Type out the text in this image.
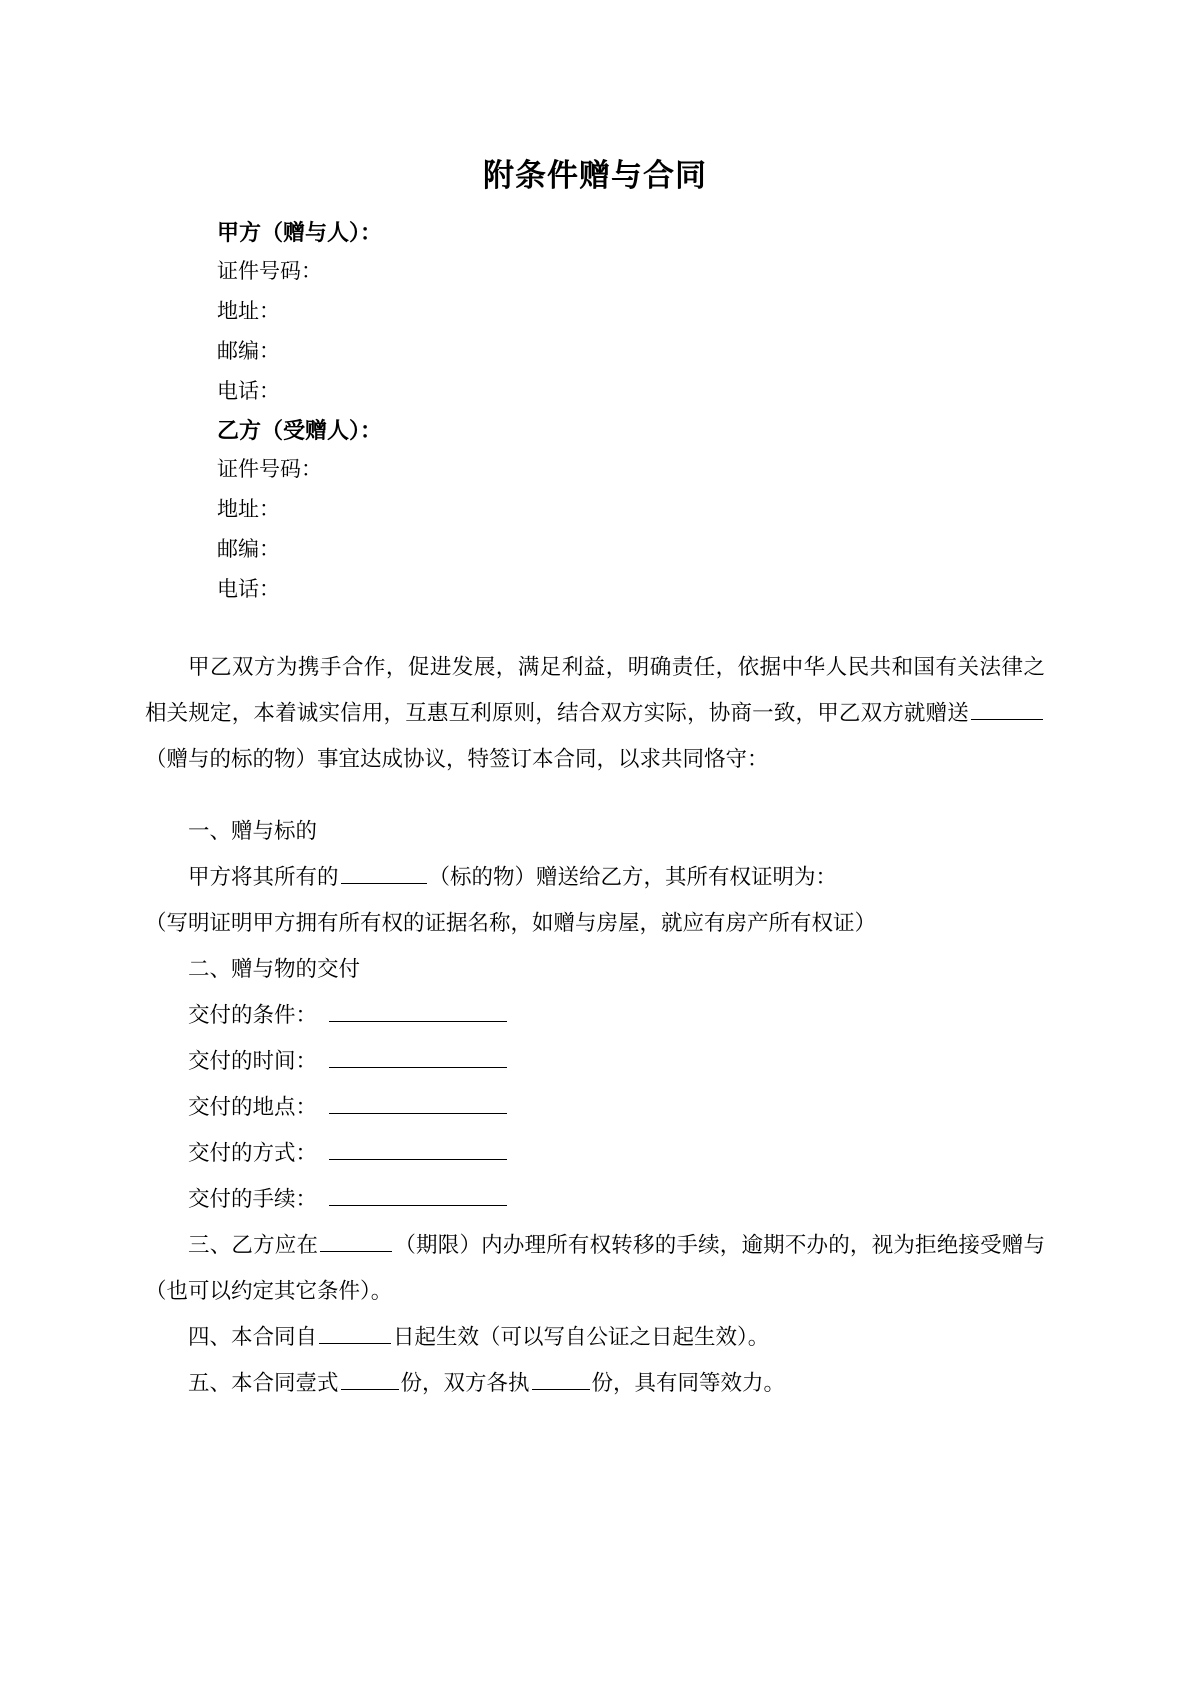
附条件赠与合同
甲方（赠与人）：
证件号码：
地址：
邮编：
电话：
乙方（受赠人）：
证件号码：
地址：
邮编：
电话：

甲乙双方为携手合作，促进发展，满足利益，明确责任，依据中华人民共和国有关法律之相关规定，本着诚实信用，互惠互利原则，结合双方实际，协商一致，甲乙双方就赠送（赠与的标的物）事宜达成协议，特签订本合同，以求共同恪守：

一、赠与标的

甲方将其所有的	（标的物）赠送给乙方，其所有权证明为：

（写明证明甲方拥有所有权的证据名称，如赠与房屋，就应有房产所有权证）

二、赠与物的交付
交付的条件：
交付的时间：
交付的地点：
交付的方式：
交付的手续：

三、乙方应在	（期限）内办理所有权转移的手续，逾期不办的，视为拒绝接受赠与（也可以约定其它条件）。

四、本合同自	日起生效（可以写自公证之日起生效）。

五、本合同壹式	份，双方各执	份，具有同等效力。
